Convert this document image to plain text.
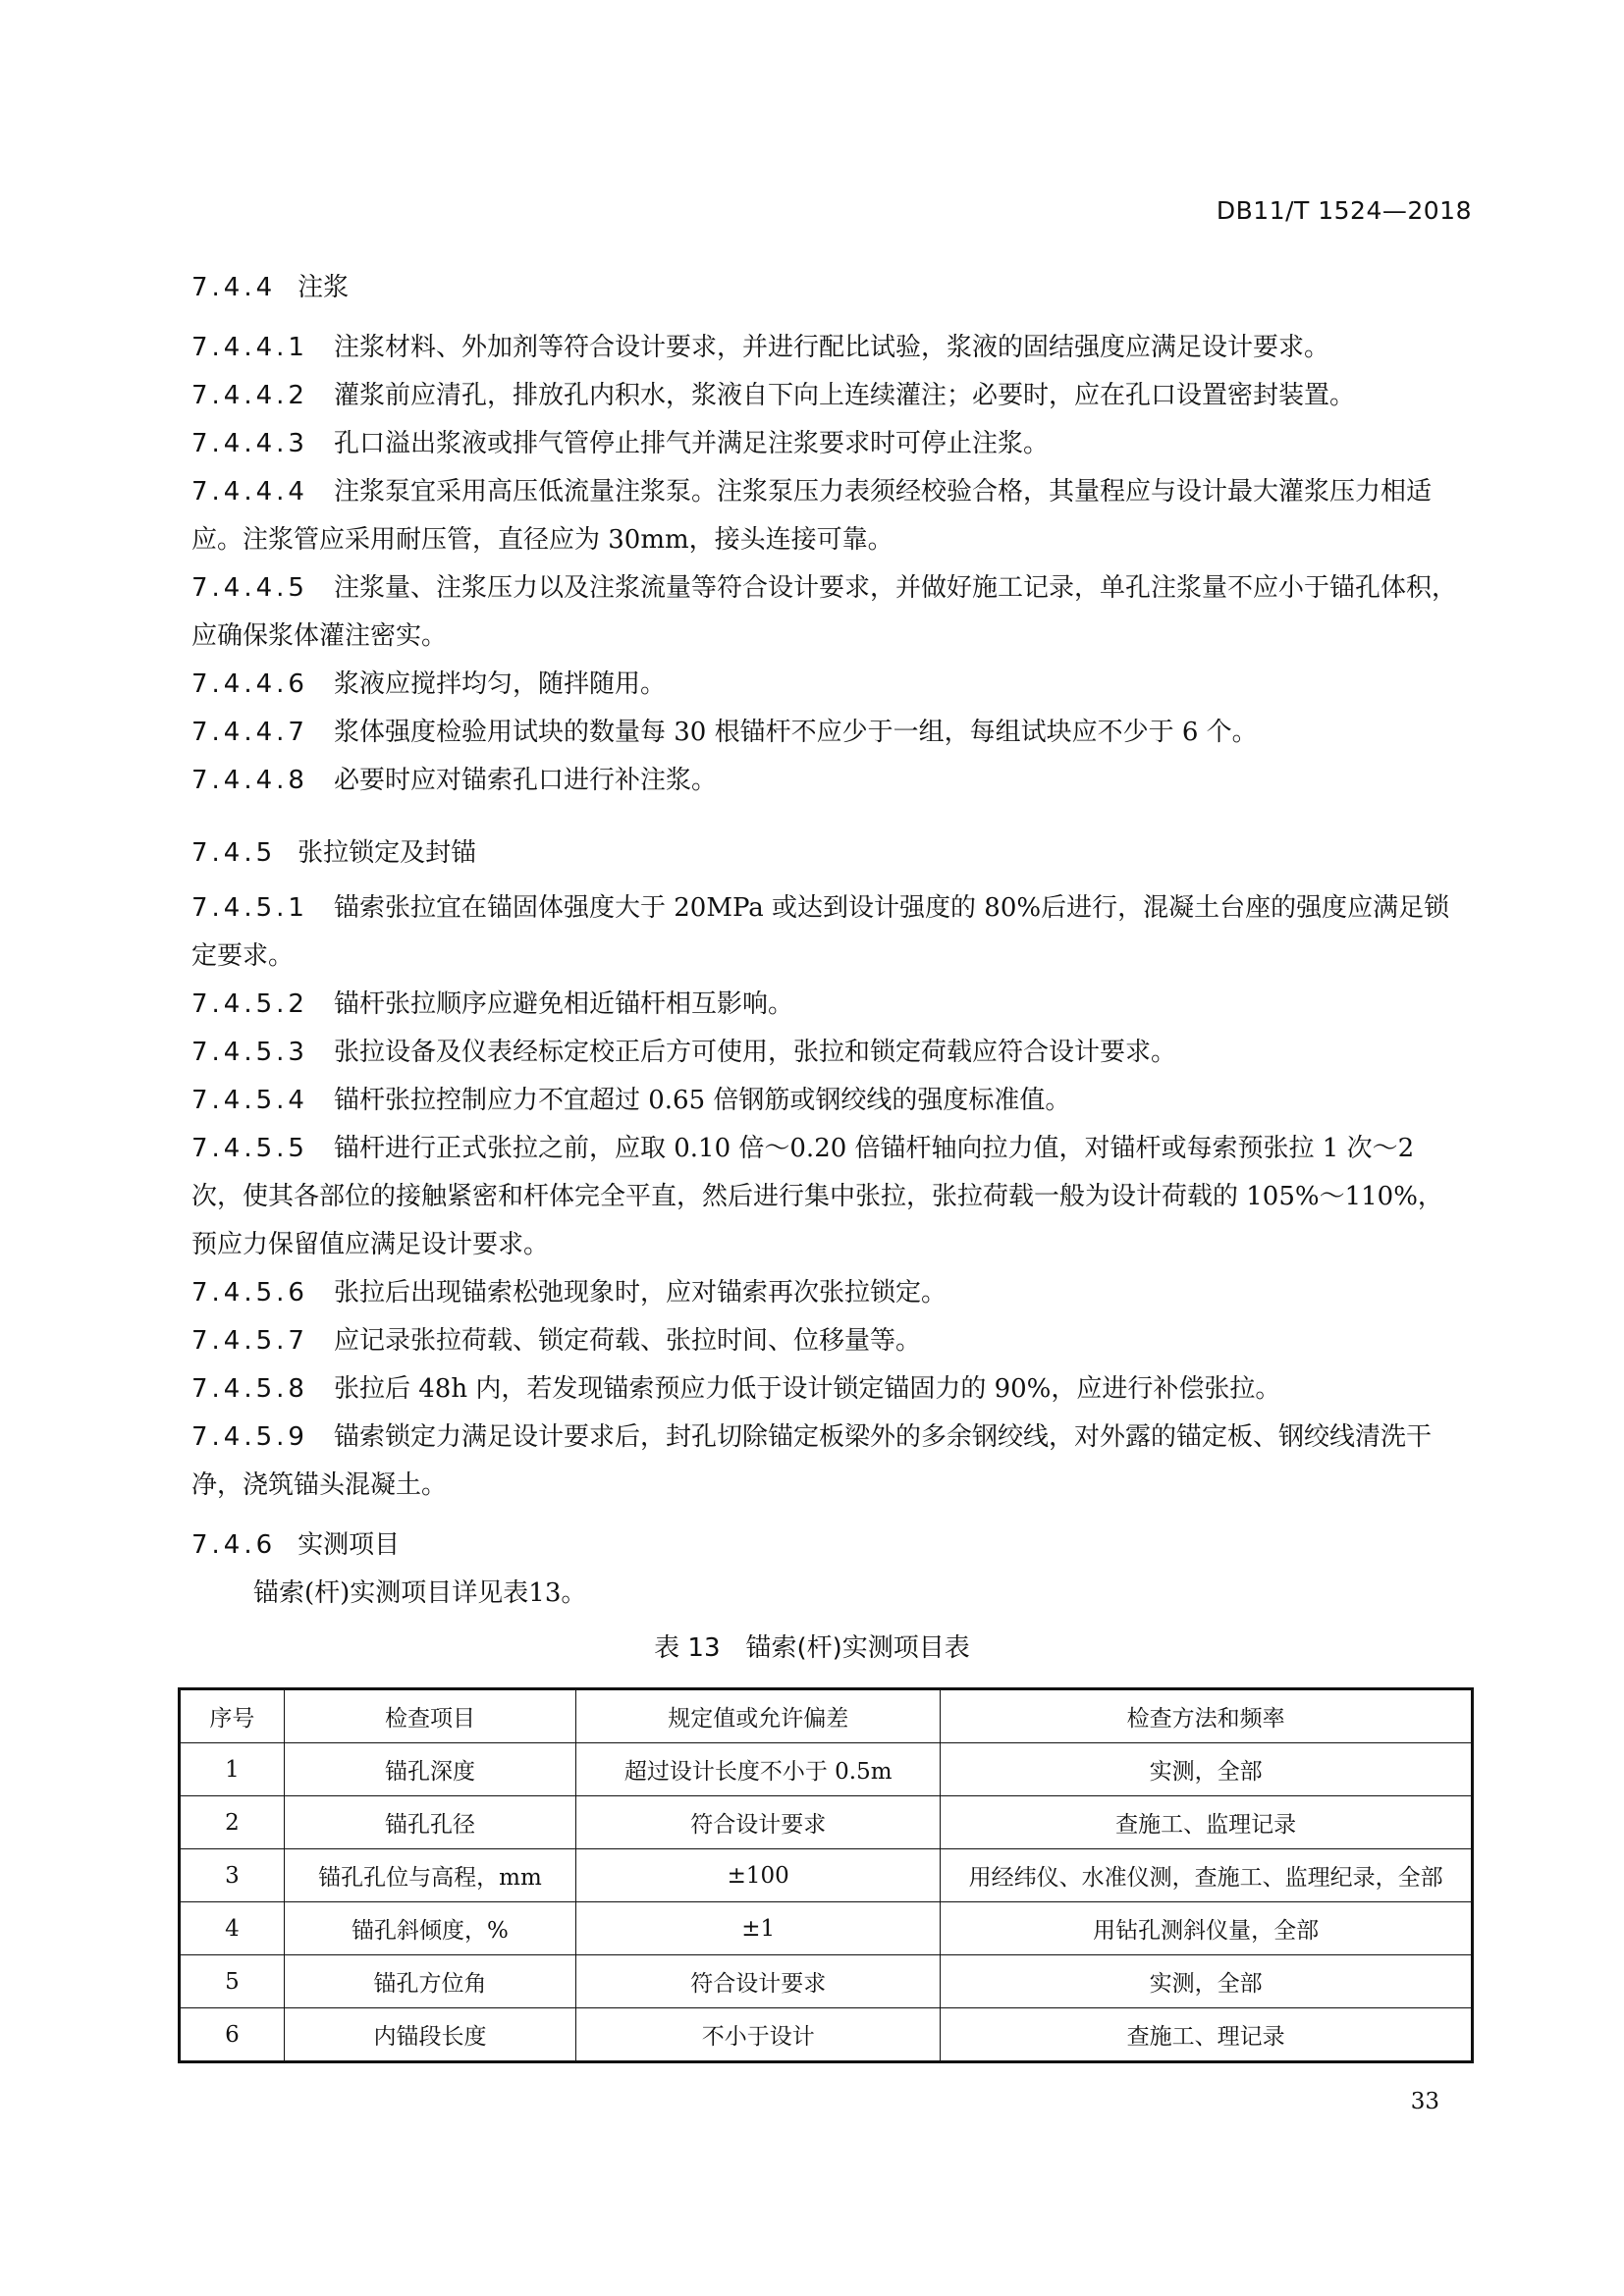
DB11/T 1524—2018
7.4.4 注浆
7.4.4.1 注浆材料、外加剂等符合设计要求，并进行配比试验，浆液的固结强度应满足设计要求。
7.4.4.2 灌浆前应清孔，排放孔内积水，浆液自下向上连续灌注；必要时，应在孔口设置密封装置。
7.4.4.3 孔口溢出浆液或排气管停止排气并满足注浆要求时可停止注浆。
7.4.4.4 注浆泵宜采用高压低流量注浆泵。注浆泵压力表须经校验合格，其量程应与设计最大灌浆压力相适应。注浆管应采用耐压管，直径应为 30mm，接头连接可靠。
7.4.4.5 注浆量、注浆压力以及注浆流量等符合设计要求，并做好施工记录，单孔注浆量不应小于锚孔体积，应确保浆体灌注密实。
7.4.4.6 浆液应搅拌均匀，随拌随用。
7.4.4.7 浆体强度检验用试块的数量每 30 根锚杆不应少于一组，每组试块应不少于 6 个。
7.4.4.8 必要时应对锚索孔口进行补注浆。
7.4.5 张拉锁定及封锚
7.4.5.1 锚索张拉宜在锚固体强度大于 20MPa 或达到设计强度的 80%后进行，混凝土台座的强度应满足锁定要求。
7.4.5.2 锚杆张拉顺序应避免相近锚杆相互影响。
7.4.5.3 张拉设备及仪表经标定校正后方可使用，张拉和锁定荷载应符合设计要求。
7.4.5.4 锚杆张拉控制应力不宜超过 0.65 倍钢筋或钢绞线的强度标准值。
7.4.5.5 锚杆进行正式张拉之前，应取 0.10 倍～0.20 倍锚杆轴向拉力值，对锚杆或每索预张拉 1 次～2 次，使其各部位的接触紧密和杆体完全平直，然后进行集中张拉，张拉荷载一般为设计荷载的 105%～110%，预应力保留值应满足设计要求。
7.4.5.6 张拉后出现锚索松弛现象时，应对锚索再次张拉锁定。
7.4.5.7 应记录张拉荷载、锁定荷载、张拉时间、位移量等。
7.4.5.8 张拉后 48h 内，若发现锚索预应力低于设计锁定锚固力的 90%，应进行补偿张拉。
7.4.5.9 锚索锁定力满足设计要求后，封孔切除锚定板梁外的多余钢绞线，对外露的锚定板、钢绞线清洗干净，浇筑锚头混凝土。
7.4.6 实测项目
锚索(杆)实测项目详见表13。
表 13　锚索(杆)实测项目表
序号	检查项目	规定值或允许偏差	检查方法和频率
1	锚孔深度	超过设计长度不小于 0.5m	实测，全部
2	锚孔孔径	符合设计要求	查施工、监理记录
3	锚孔孔位与高程，mm	±100	用经纬仪、水准仪测，查施工、监理纪录，全部
4	锚孔斜倾度，%	±1	用钻孔测斜仪量，全部
5	锚孔方位角	符合设计要求	实测，全部
6	内锚段长度	不小于设计	查施工、理记录
33
